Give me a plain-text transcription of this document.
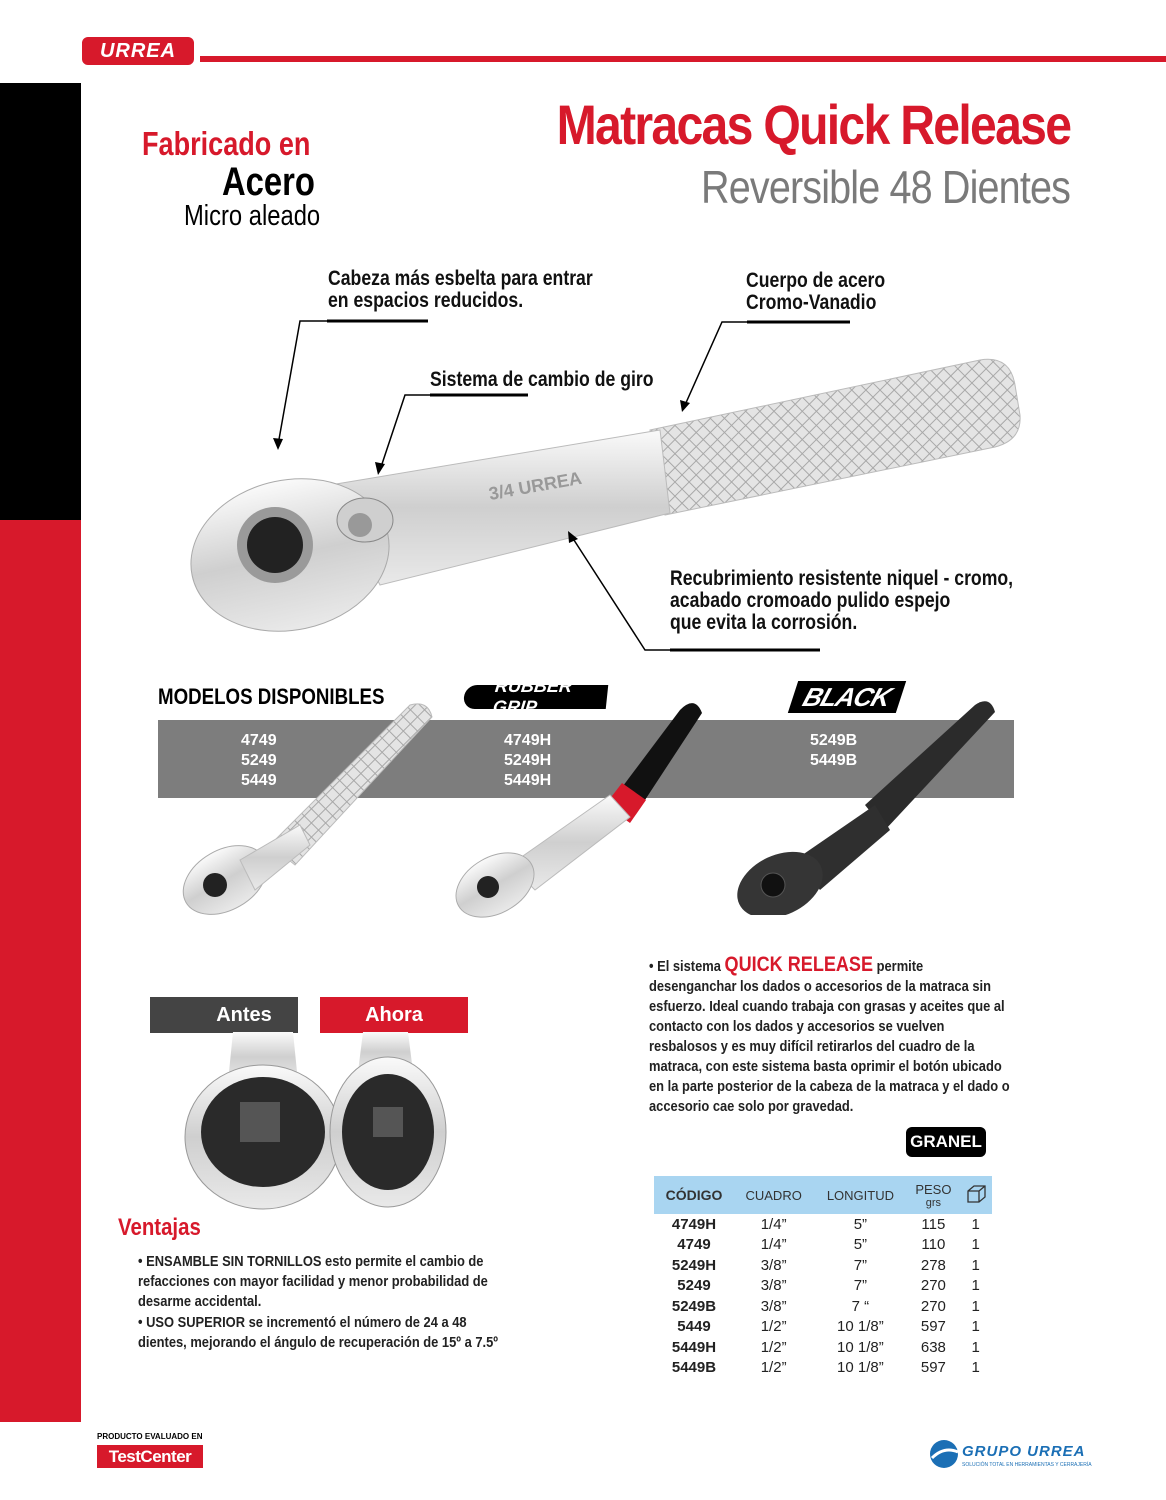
URREA
Matracas Quick Release
Reversible 48 Dientes
Fabricado en
Acero
Micro aleado
3/4 URREA
Cabeza más esbelta para entrar
en espacios reducidos.
Cuerpo de acero
Cromo-Vanadio
Sistema de cambio de giro
Recubrimiento resistente niquel - cromo,
acabado cromoado pulido espejo
que evita la corrosión.
MODELOS DISPONIBLES	RUBBER GRIP	BLACK
4749
5249
5449
4749H
5249H
5449H
5249B
5449B
Antes	Ahora
Ventajas
• ENSAMBLE SIN TORNILLOS esto permite el cambio de refacciones con mayor facilidad y menor probabilidad de desarme accidental.
• USO SUPERIOR se incrementó el número de 24 a 48 dientes, mejorando el ángulo de recuperación de 15º a 7.5º
• El sistema QUICK RELEASE permite desenganchar los dados o accesorios de la matraca sin esfuerzo. Ideal cuando trabaja con grasas y aceites que al contacto con los dados y accesorios se vuelven resbalosos y es muy difícil retirarlos del cuadro de la matraca, con este sistema basta oprimir el botón ubicado en la parte posterior de la cabeza de la matraca y el dado o accesorio cae solo por gravedad.
GRANEL
CÓDIGO	CUADRO	LONGITUD	PESO
grs

4749H	1/4”	5”	115	1
4749	1/4”	5”	110	1
5249H	3/8”	7”	278	1
5249	3/8”	7”	270	1
5249B	3/8”	7 “	270	1
5449	1/2”	10 1/8”	597	1
5449H	1/2”	10 1/8”	638	1
5449B	1/2”	10 1/8”	597	1
PRODUCTO EVALUADO EN
TestCenter	GRUPO URREA
SOLUCIÓN TOTAL EN HERRAMIENTAS Y CERRAJERÍA
